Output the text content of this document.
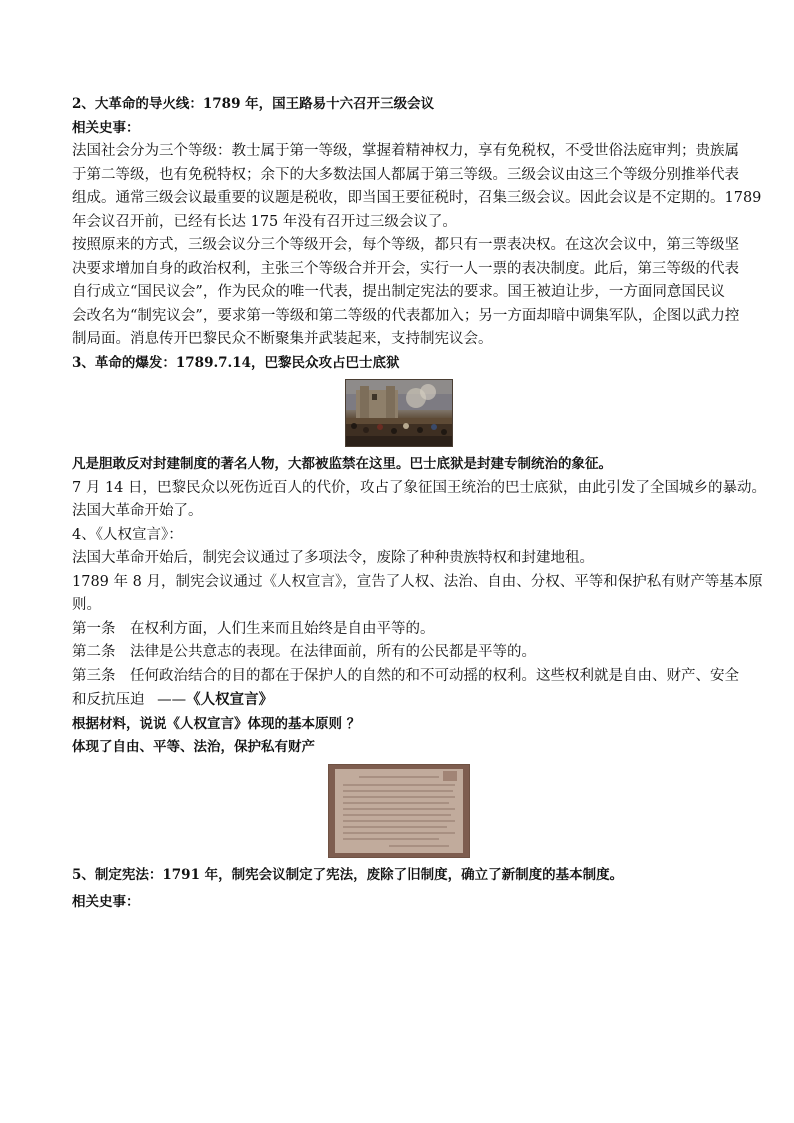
2、大革命的导火线：1789 年，国王路易十六召开三级会议

相关史事：

法国社会分为三个等级：教士属于第一等级，掌握着精神权力，享有免税权，不受世俗法庭审判；贵族属
于第二等级，也有免税特权；余下的大多数法国人都属于第三等级。三级会议由这三个等级分别推举代表
组成。通常三级会议最重要的议题是税收，即当国王要征税时，召集三级会议。因此会议是不定期的。1789
年会议召开前，已经有长达 175 年没有召开过三级会议了。

按照原来的方式，三级会议分三个等级开会，每个等级，都只有一票表决权。在这次会议中，第三等级坚
决要求增加自身的政治权利，主张三个等级合并开会，实行一人一票的表决制度。此后，第三等级的代表
自行成立“国民议会”，作为民众的唯一代表，提出制定宪法的要求。国王被迫让步，一方面同意国民议
会改名为“制宪议会”，要求第一等级和第二等级的代表都加入；另一方面却暗中调集军队，企图以武力控
制局面。消息传开巴黎民众不断聚集并武装起来，支持制宪议会。

3、革命的爆发：1789.7.14，巴黎民众攻占巴士底狱

凡是胆敢反对封建制度的著名人物，大都被监禁在这里。巴士底狱是封建专制统治的象征。

7 月 14 日，巴黎民众以死伤近百人的代价，攻占了象征国王统治的巴士底狱，由此引发了全国城乡的暴动。
法国大革命开始了。

4、《人权宣言》：

法国大革命开始后，制宪会议通过了多项法令，废除了种种贵族特权和封建地租。

1789 年 8 月，制宪会议通过《人权宣言》，宣告了人权、法治、自由、分权、平等和保护私有财产等基本原
则。

第一条	在权利方面，人们生来而且始终是自由平等的。
第二条	法律是公共意志的表现。在法律面前，所有的公民都是平等的。
第三条	任何政治结合的目的都在于保护人的自然的和不可动摇的权利。这些权利就是自由、财产、安全

和反抗压迫 ——《人权宣言》

根据材料，说说《人权宣言》体现的基本原则 ？

体现了自由、平等、法治，保护私有财产

5、制定宪法：1791 年，制宪会议制定了宪法，废除了旧制度，确立了新制度的基本制度。

相关史事：
